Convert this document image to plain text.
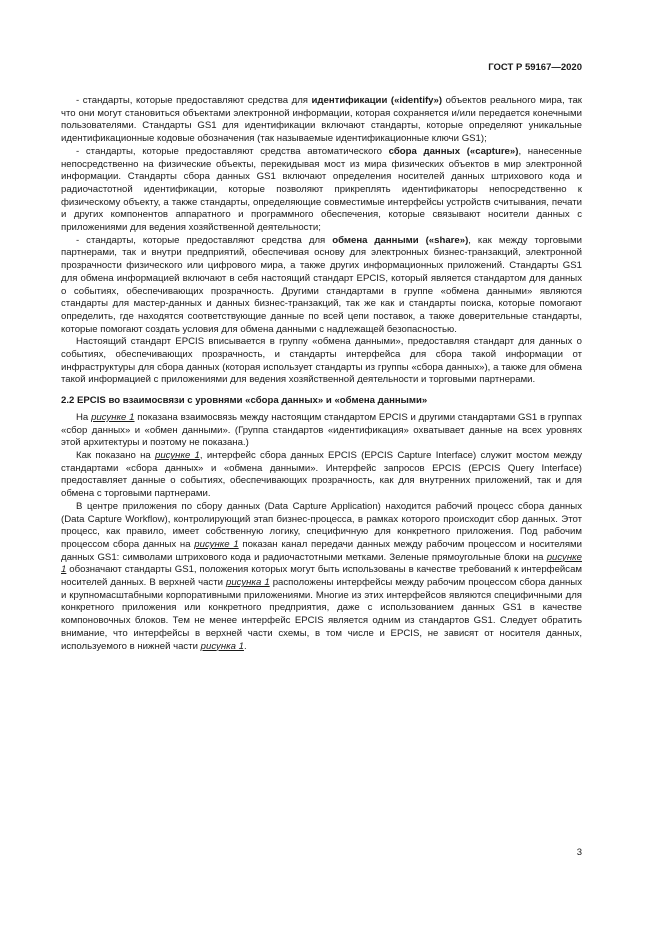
ГОСТ Р 59167—2020

- стандарты, которые предоставляют средства для идентификации («identify») объектов реального мира, так что они могут становиться объектами электронной информации, которая сохраняется и/или передается конечными пользователями. Стандарты GS1 для идентификации включают стандарты, которые определяют уникальные идентификационные кодовые обозначения (так называемые идентификационные ключи GS1);

- стандарты, которые предоставляют средства автоматического сбора данных («capture»), нанесенные непосредственно на физические объекты, перекидывая мост из мира физических объектов в мир электронной информации. Стандарты сбора данных GS1 включают определения носителей данных штрихового кода и радиочастотной идентификации, которые позволяют прикреплять идентификаторы непосредственно к физическому объекту, а также стандарты, определяющие совместимые интерфейсы устройств считывания, печати и других компонентов аппаратного и программного обеспечения, которые связывают носители данных с приложениями для ведения хозяйственной деятельности;

- стандарты, которые предоставляют средства для обмена данными («share»), как между торговыми партнерами, так и внутри предприятий, обеспечивая основу для электронных бизнес-транзакций, электронной прозрачности физического или цифрового мира, а также других информационных приложений. Стандарты GS1 для обмена информацией включают в себя настоящий стандарт EPCIS, который является стандартом для данных о событиях, обеспечивающих прозрачность. Другими стандартами в группе «обмена данными» являются стандарты для мастер-данных и данных бизнес-транзакций, так же как и стандарты поиска, которые помогают определить, где находятся соответствующие данные по всей цепи поставок, а также доверительные стандарты, которые помогают создать условия для обмена данными с надлежащей безопасностью.

Настоящий стандарт EPCIS вписывается в группу «обмена данными», предоставляя стандарт для данных о событиях, обеспечивающих прозрачность, и стандарты интерфейса для сбора такой информации от инфраструктуры для сбора данных (которая использует стандарты из группы «сбора данных»), а также для обмена такой информацией с приложениями для ведения хозяйственной деятельности и торговыми партнерами.

2.2 EPCIS во взаимосвязи с уровнями «сбора данных» и «обмена данными»

На рисунке 1 показана взаимосвязь между настоящим стандартом EPCIS и другими стандартами GS1 в группах «сбор данных» и «обмен данными». (Группа стандартов «идентификация» охватывает данные на всех уровнях этой архитектуры и поэтому не показана.)

Как показано на рисунке 1, интерфейс сбора данных EPCIS (EPCIS Capture Interface) служит мостом между стандартами «сбора данных» и «обмена данными». Интерфейс запросов EPCIS (EPCIS Query Interface) предоставляет данные о событиях, обеспечивающих прозрачность, как для внутренних приложений, так и для обмена с торговыми партнерами.

В центре приложения по сбору данных (Data Capture Application) находится рабочий процесс сбора данных (Data Capture Workflow), контролирующий этап бизнес-процесса, в рамках которого происходит сбор данных. Этот процесс, как правило, имеет собственную логику, специфичную для конкретного приложения. Под рабочим процессом сбора данных на рисунке 1 показан канал передачи данных между рабочим процессом и носителями данных GS1: символами штрихового кода и радиочастотными метками. Зеленые прямоугольные блоки на рисунке 1 обозначают стандарты GS1, положения которых могут быть использованы в качестве требований к интерфейсам носителей данных. В верхней части рисунка 1 расположены интерфейсы между рабочим процессом сбора данных и крупномасштабными корпоративными приложениями. Многие из этих интерфейсов являются специфичными для конкретного приложения или конкретного предприятия, даже с использованием данных GS1 в качестве компоновочных блоков. Тем не менее интерфейс EPCIS является одним из стандартов GS1. Следует обратить внимание, что интерфейсы в верхней части схемы, в том числе и EPCIS, не зависят от носителя данных, используемого в нижней части рисунка 1.

3
